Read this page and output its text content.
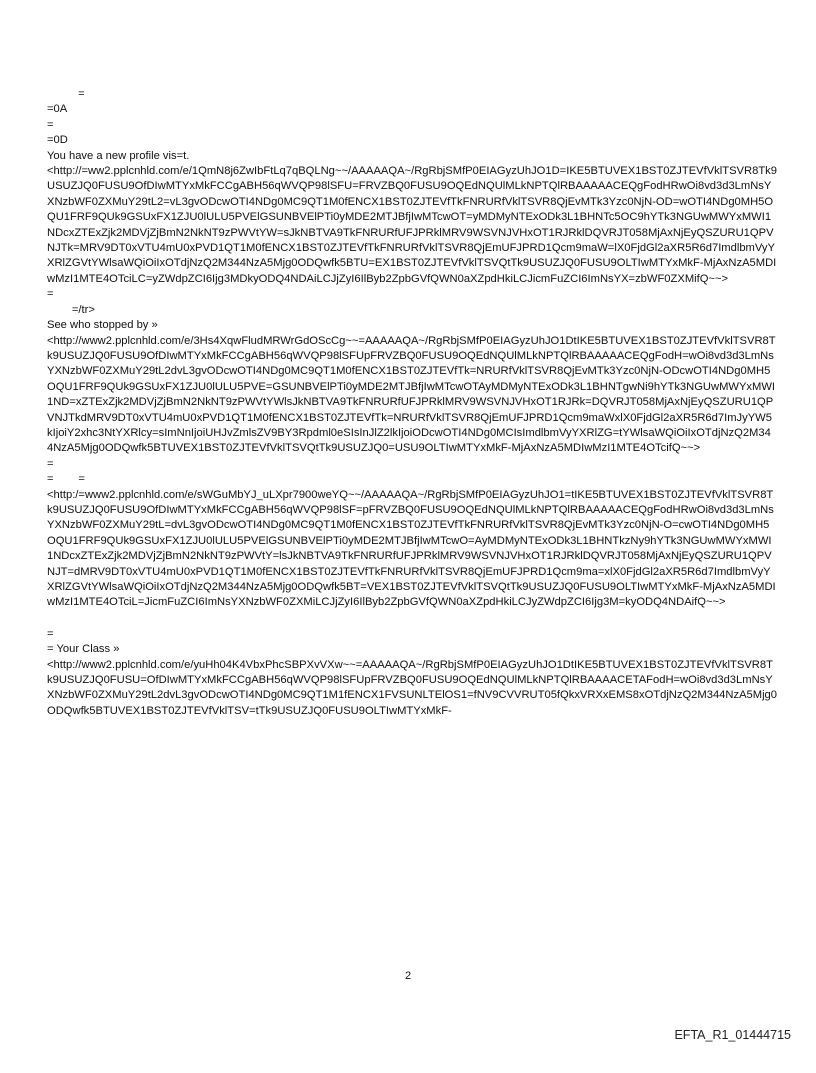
=
=0A
=
=0D
You have a new profile vis=t.
<http://=ww2.pplcnhld.com/e/1QmN8j6ZwIbFtLq7qBQLNg~~/AAAAAQA~/RgRbjSMfP0EIAGyzUhJO1D=IKE5BTUVEX1BST0ZJTEVfVklTSVR8Tk9USUZJQ0FUSU9OfDIwMTYxMkFCCgABH56qWVQP98lSFU=FRVZBQ0FUSU9OQEdNQUlMLkNPTQlRBAAAAACEQgFodHRwOi8vd3d3LmNsYXNzbWF0ZXMuY29tL2=vL3gvODcwOTI4NDg0MC9QT1M0fENCX1BST0ZJTEVfTkFNRURfVklTSVR8QjEvMTk3Yzc0NjN-OD=wOTI4NDg0MH5OQU1FRF9QUk9GSUxFX1ZJU0lULU5PVElGSUNBVElPTi0yMDE2MTJBfjIwMTcwOT=yMDMyNTExODk3L1BHNTc5OC9hYTk3NGUwMWYxMWI1NDcxZTExZjk2MDVjZjBmN2NkNT9zPWVtYW=sJkNBTVA9TkFNRURfUFJPRklMRV9WSVNJVHxOT1RJRklDQVRJT058MjAxNjEyQSZURU1QPVNJTk=MRV9DT0xVTU4mU0xPVD1QT1M0fENCX1BST0ZJTEVfTkFNRURfVklTSVR8QjEmUFJPRD1Qcm9maW=lX0FjdGl2aXR5R6d7ImdlbmVyYXRlZGVtYWlsaWQiOiIxOTdjNzQ2M344NzA5Mjg0ODQwfk5BTU=EX1BST0ZJTEVfVklTSVQtTk9USUZJQ0FUSU9OLTIwMTYxMkF-MjAxNzA5MDIwMzI1MTE4OTciLC=yZWdpZCI6Ijg3MDkyODQ4NDAiLCJjZyI6IlByb2ZpbGVfQWN0aXZpdHkiLCJicmFuZCI6ImNsYX=zbWF0ZXMifQ~~>
=
=/tr>
See who stopped by »
<http://www2.pplcnhld.com/e/3Hs4XqwFludMRWrGdOScCg~~=AAAAAQA~/RgRbjSMfP0EIAGyzUhJO1DtIKE5BTUVEX1BST0ZJTEVfVklTSVR8Tk9USUZJQ0FUSU9OfDIwMTYxMkFCCgABH56qWVQP98lSFUpFRVZBQ0FUSU9OQEdNQUlMLkNPTQlRBAAAAACEQgFodH=wOi8vd3d3LmNsYXNzbWF0ZXMuY29tL2dvL3gvODcwOTI4NDg0MC9QT1M0fENCX1BST0ZJTEVfTk=NRURfVklTSVR8QjEvMTk3Yzc0NjN-ODcwOTI4NDg0MH5OQU1FRF9QUk9GSUxFX1ZJU0lULU5PVE=GSUNBVElPTi0yMDE2MTJBfjIwMTcwOTAyMDMyNTExODk3L1BHNTgwNi9hYTk3NGUwMWYxMWI1ND=xZTExZjk2MDVjZjBmN2NkNT9zPWVtYWlsJkNBTVA9TkFNRURfUFJPRklMRV9WSVNJVHxOT1RJRk=DQVRJT058MjAxNjEyQSZURU1QPVNJTkdMRV9DT0xVTU4mU0xPVD1QT1M0fENCX1BST0ZJTEVfTk=NRURfVklTSVR8QjEmUFJPRD1Qcm9maWxlX0FjdGl2aXR5R6d7ImJyYW5kIjoiY2xhc3NtYXRlcy=sImNnIjoiUHJvZmlsZV9BY3Rpdml0eSIsInJlZ2lkIjoiODcwOTI4NDg0MCIsImdlbmVyYXRlZG=tYWlsaWQiOiIxOTdjNzQ2M344NzA5Mjg0ODQwfk5BTUVEX1BST0ZJTEVfVklTSVQtTk9USUZJQ0=USU9OLTIwMTYxMkF-MjAxNzA5MDIwMzI1MTE4OTcifQ~~>
=
=        =
<http:/=www2.pplcnhld.com/e/sWGuMbYJ_uLXpr7900weYQ~~/AAAAAQA~/RgRbjSMfP0EIAGyzUhJO1=tIKE5BTUVEX1BST0ZJTEVfVklTSVR8Tk9USUZJQ0FUSU9OfDIwMTYxMkFCCgABH56qWVQP98lSF=pFRVZBQ0FUSU9OQEdNQUlMLkNPTQlRBAAAAACEQgFodHRwOi8vd3d3LmNsYXNzbWF0ZXMuY29tL=dvL3gvODcwOTI4NDg0MC9QT1M0fENCX1BST0ZJTEVfTkFNRURfVklTSVR8QjEvMTk3Yzc0NjN-O=cwOTI4NDg0MH5OQU1FRF9QUk9GSUxFX1ZJU0lULU5PVElGSUNBVElPTi0yMDE2MTJBfjIwMTcwO=AyMDMyNTExODk3L1BHNTkzNy9hYTk3NGUwMWYxMWI1NDcxZTExZjk2MDVjZjBmN2NkNT9zPWVtY=lsJkNBTVA9TkFNRURfUFJPRklMRV9WSVNJVHxOT1RJRklDQVRJT058MjAxNjEyQSZURU1QPVNJT=dMRV9DT0xVTU4mU0xPVD1QT1M0fENCX1BST0ZJTEVfTkFNRURfVklTSVR8QjEmUFJPRD1Qcm9ma=xlX0FjdGl2aXR5R6d7ImdlbmVyYXRlZGVtYWlsaWQiOiIxOTdjNzQ2M344NzA5Mjg0ODQwfk5BT=VEX1BST0ZJTEVfVklTSVQtTk9USUZJQ0FUSU9OLTIwMTYxMkF-MjAxNzA5MDIwMzI1MTE4OTciL=JicmFuZCI6ImNsYXNzbWF0ZXMiLCJjZyI6IlByb2ZpbGVfQWN0aXZpdHkiLCJyZWdpZCI6Ijg3M=kyODQ4NDAifQ~~>
=
= Your Class »
<http://www2.pplcnhld.com/e/yuHh04K4VbxPhcSBPXvVXw~~=AAAAAQA~/RgRbjSMfP0EIAGyzUhJO1DtIKE5BTUVEX1BST0ZJTEVfVklTSVR8Tk9USUZJQ0FUSU=OfDIwMTYxMkFCCgABH56qWVQP98lSFUpFRVZBQ0FUSU9OQEdNQUlMLkNPTQlRBAAAACETAFodH=wOi8vd3d3LmNsYXNzbWF0ZXMuY29tL2dvL3gvODcwOTI4NDg0MC9QT1M1fENCX1FVSUNLTElOS1=fNV9CVVRUT05fQkxVRXxEMS8xOTdjNzQ2M344NzA5Mjg0ODQwfk5BTUVEX1BST0ZJTEVfVklTSV=tTk9USUZJQ0FUSU9OLTIwMTYxMkF-
2
EFTA_R1_01444715
